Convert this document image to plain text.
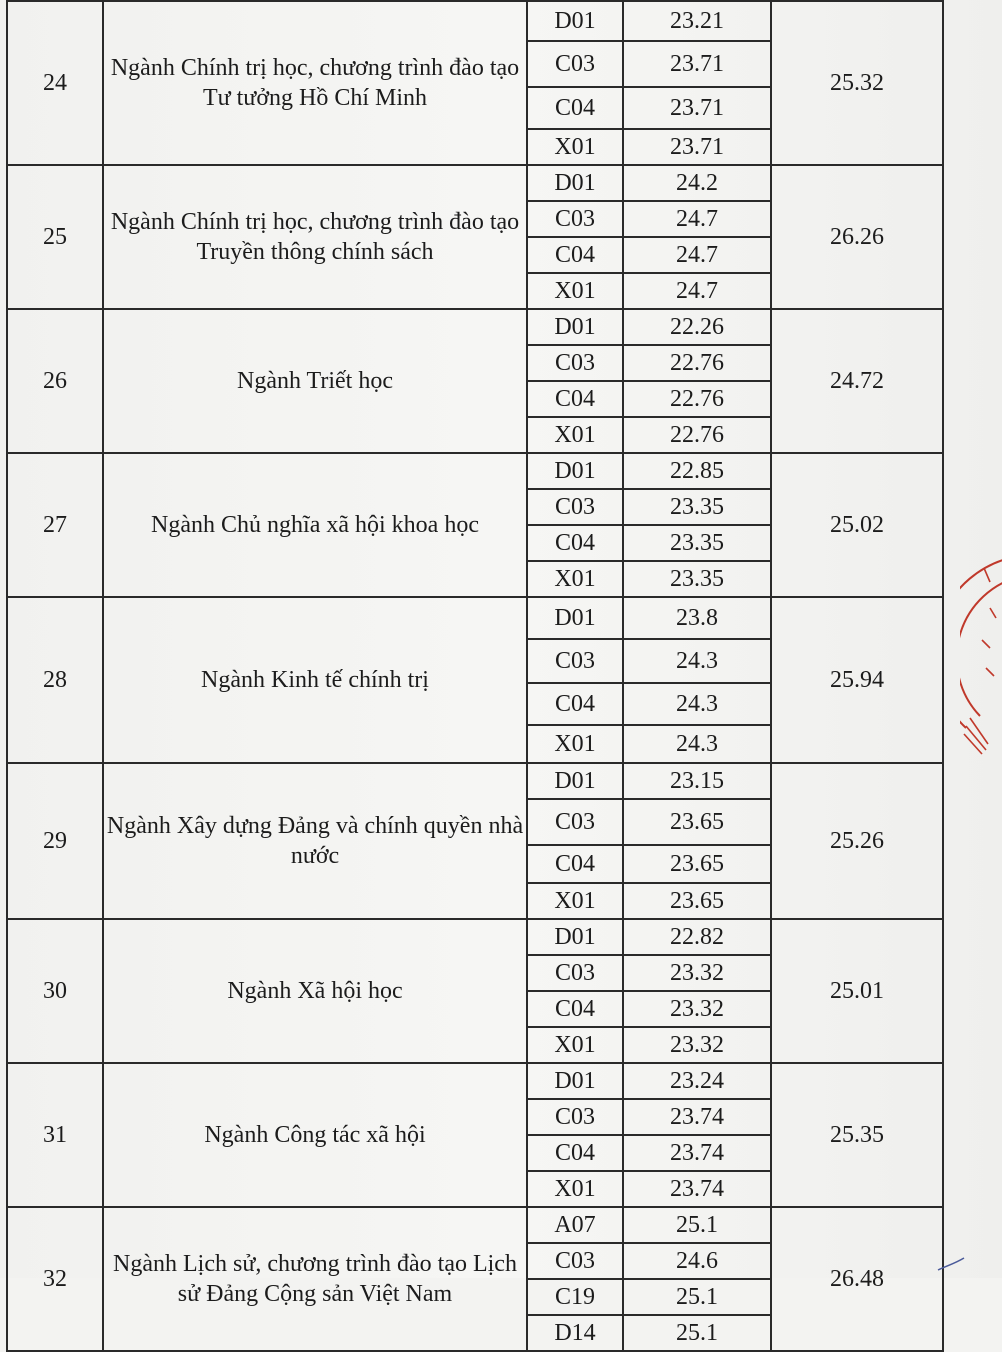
24	Ngành Chính trị học, chương trình đào tạo Tư tưởng Hồ Chí Minh	D01	23.21	25.32
		C03	23.71	
		C04	23.71	
		X01	23.71	
25	Ngành Chính trị học, chương trình đào tạo Truyền thông chính sách	D01	24.2	26.26
		C03	24.7	
		C04	24.7	
		X01	24.7	
26	Ngành Triết học	D01	22.26	24.72
		C03	22.76	
		C04	22.76	
		X01	22.76	
27	Ngành Chủ nghĩa xã hội khoa học	D01	22.85	25.02
		C03	23.35	
		C04	23.35	
		X01	23.35	
28	Ngành Kinh tế chính trị	D01	23.8	25.94
		C03	24.3	
		C04	24.3	
		X01	24.3	
29	Ngành Xây dựng Đảng và chính quyền nhà nước	D01	23.15	25.26
		C03	23.65	
		C04	23.65	
		X01	23.65	
30	Ngành Xã hội học	D01	22.82	25.01
		C03	23.32	
		C04	23.32	
		X01	23.32	
31	Ngành Công tác xã hội	D01	23.24	25.35
		C03	23.74	
		C04	23.74	
		X01	23.74	
32	Ngành Lịch sử, chương trình đào tạo Lịch sử Đảng Cộng sản Việt Nam	A07	25.1	26.48
		C03	24.6	
		C19	25.1	
		D14	25.1	
